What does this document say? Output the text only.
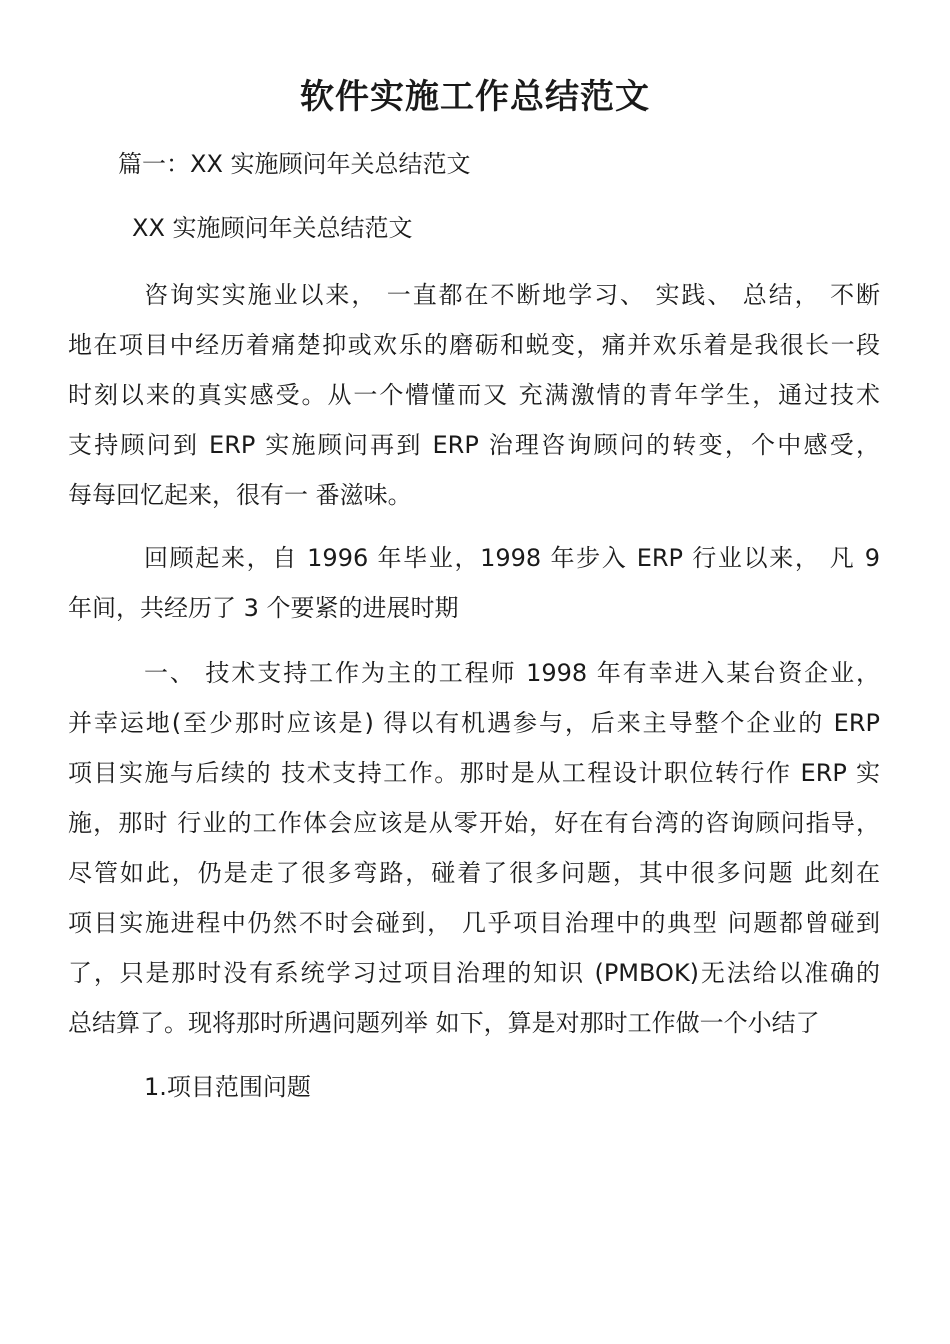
软件实施工作总结范文

篇一：XX 实施顾问年关总结范文

XX 实施顾问年关总结范文

咨询实实施业以来， 一直都在不断地学习、 实践、 总结， 不断
地在项目中经历着痛楚抑或欢乐的磨砺和蜕变，痛并欢乐着是我很长一段
时刻以来的真实感受。从一个懵懂而又 充满激情的青年学生，通过技术
支持顾问到 ERP 实施顾问再到 ERP 治理咨询顾问的转变，个中感受，
每每回忆起来，很有一 番滋味。
回顾起来，自 1996 年毕业，1998 年步入 ERP 行业以来， 凡 9
年间，共经历了 3 个要紧的进展时期
一、 技术支持工作为主的工程师 1998 年有幸进入某台资企业，
并幸运地(至少那时应该是) 得以有机遇参与，后来主导整个企业的 ERP
项目实施与后续的 技术支持工作。那时是从工程设计职位转行作 ERP 实
施，那时 行业的工作体会应该是从零开始，好在有台湾的咨询顾问指导，
尽管如此，仍是走了很多弯路，碰着了很多问题，其中很多问题 此刻在
项目实施进程中仍然不时会碰到， 几乎项目治理中的典型 问题都曾碰到
了，只是那时没有系统学习过项目治理的知识 (PMBOK)无法给以准确的
总结算了。现将那时所遇问题列举 如下，算是对那时工作做一个小结了

1.项目范围问题
